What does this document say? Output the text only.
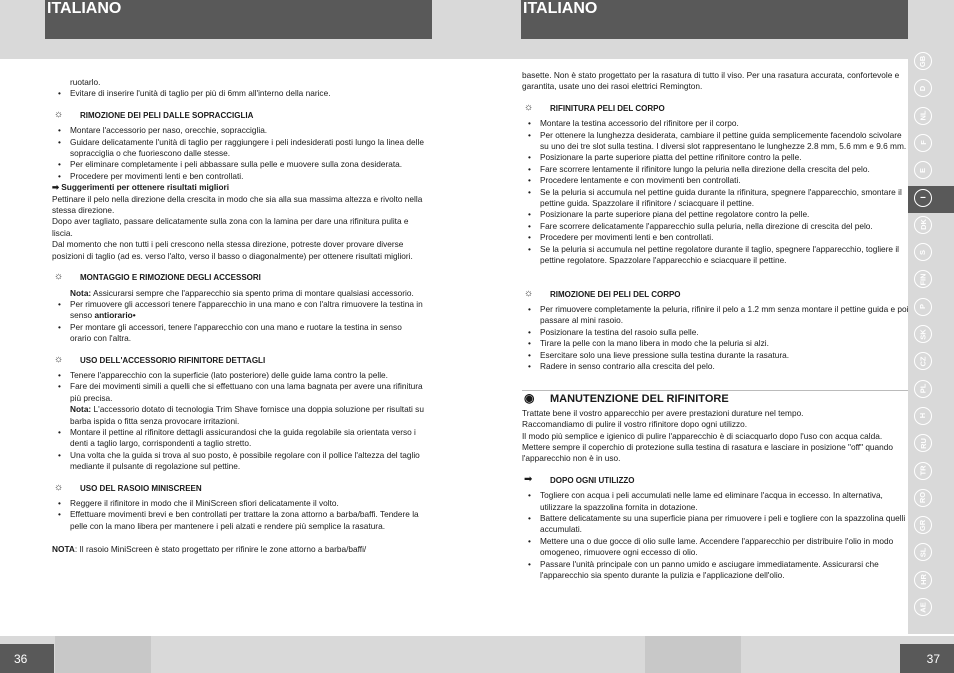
ITALIANO	ITALIANO

ruotarlo.

• Evitare di inserire l'unità di taglio per più di 6mm all'interno della narice.
☼ RIMOZIONE DEI PELI DALLE SOPRACCIGLIA
• Montare l'accessorio per naso, orecchie, sopracciglia.
• Guidare delicatamente l'unità di taglio per raggiungere i peli indesiderati posti lungo la linea delle sopracciglia o che fuoriescono dalle stesse.
• Per eliminare completamente i peli abbassare sulla pelle e muovere sulla zona desiderata.
• Procedere per movimenti lenti e ben controllati.

➡ Suggerimenti per ottenere risultati migliori

Pettinare il pelo nella direzione della crescita in modo che sia alla sua massima altezza e rivolto nella stessa direzione.

Dopo aver tagliato, passare delicatamente sulla zona con la lamina per dare una rifinitura pulita e liscia.

Dal momento che non tutti i peli crescono nella stessa direzione, potreste dover provare diverse posizioni di taglio (ad es. verso l'alto, verso il basso o diagonalmente) per ottenere risultati migliori.

☼ MONTAGGIO E RIMOZIONE DEGLI ACCESSORI

Nota: Assicurarsi sempre che l'apparecchio sia spento prima di montare qualsiasi accessorio.

• Per rimuovere gli accessori tenere l'apparecchio in una mano e con l'altra rimuovere la testina in senso antiorario•
• Per montare gli accessori, tenere l'apparecchio con una mano e ruotare la testina in senso orario con l'altra.
☼ USO DELL'ACCESSORIO RIFINITORE DETTAGLI
• Tenere l'apparecchio con la superficie (lato posteriore) delle guide lama contro la pelle.
• Fare dei movimenti simili a quelli che si effettuano con una lama bagnata per avere una rifinitura più precisa.

Nota: L'accessorio dotato di tecnologia Trim Shave fornisce una doppia soluzione per risultati su barba ispida o fitta senza provocare irritazioni.

• Montare il pettine al rifinitore dettagli assicurandosi che la guida regolabile sia orientata verso i denti a taglio largo, corrispondenti a taglio stretto.
• Una volta che la guida si trova al suo posto, è possibile regolare con il pollice l'altezza del taglio mediante il pulsante di regolazione sul pettine.
☼ USO DEL RASOIO MINISCREEN
• Reggere il rifinitore in modo che il MiniScreen sfiori delicatamente il volto.
• Effettuare movimenti brevi e ben controllati per trattare la zona attorno a barba/baffi. Tendere la pelle con la mano libera per mantenere i peli alzati e rendere più semplice la rasatura.

NOTA: Il rasoio MiniScreen è stato progettato per rifinire le zone attorno a barba/baffi/

basette. Non è stato progettato per la rasatura di tutto il viso. Per una rasatura accurata, confortevole e garantita, usate uno dei rasoi elettrici Remington.

☼ RIFINITURA PELI DEL CORPO
• Montare la testina accessorio del rifinitore per il corpo.
• Per ottenere la lunghezza desiderata, cambiare il pettine guida semplicemente facendolo scivolare su uno dei tre slot sulla testina. I diversi slot rappresentano le lunghezze 2.8 mm, 5.6 mm e 9.6 mm.
• Posizionare la parte superiore piatta del pettine rifinitore contro la pelle.
• Fare scorrere lentamente il rifinitore lungo la peluria nella direzione della crescita del pelo.
• Procedere lentamente e con movimenti ben controllati.
• Se la peluria si accumula nel pettine guida durante la rifinitura, spegnere l'apparecchio, smontare il pettine guida. Spazzolare il rifinitore / sciacquare il pettine.
• Posizionare la parte superiore piana del pettine regolatore contro la pelle.
• Fare scorrere delicatamente l'apparecchio sulla peluria, nella direzione di crescita del pelo.
• Procedere per movimenti lenti e ben controllati.
• Se la peluria si accumula nel pettine regolatore durante il taglio, spegnere l'apparecchio, togliere il pettine regolatore. Spazzolare l'apparecchio e sciacquare il pettine.
☼ RIMOZIONE DEI PELI DEL CORPO
• Per rimuovere completamente la peluria, rifinire il pelo a 1.2 mm senza montare il pettine guida e poi passare al mini rasoio.
• Posizionare la testina del rasoio sulla pelle.
• Tirare la pelle con la mano libera in modo che la peluria si alzi.
• Esercitare solo una lieve pressione sulla testina durante la rasatura.
• Radere in senso contrario alla crescita del pelo.
◉ MANUTENZIONE DEL RIFINITORE

Trattate bene il vostro apparecchio per avere prestazioni durature nel tempo.

Raccomandiamo di pulire il vostro rifinitore dopo ogni utilizzo.

Il modo più semplice e igienico di pulire l'apparecchio è di sciacquarlo dopo l'uso con acqua calda. Mettere sempre il coperchio di protezione sulla testina di rasatura e lasciare in posizione "off" quando l'apparecchio non è in uso.

➡ DOPO OGNI UTILIZZO
• Togliere con acqua i peli accumulati nelle lame ed eliminare l'acqua in eccesso. In alternativa, utilizzare la spazzolina fornita in dotazione.
• Battere delicatamente su una superficie piana per rimuovere i peli e togliere con la spazzolina quelli accumulati.
• Mettere una o due gocce di olio sulle lame. Accendere l'apparecchio per distribuire l'olio in modo omogeneo, rimuovere ogni eccesso di olio.
• Passare l'unità principale con un panno umido e asciugare immediatamente. Assicurarsi che l'apparecchio sia spento durante la pulizia e l'applicazione dell'olio.
GB
D
NL
F
E
I
DK
S
FIN
P
SK
CZ
PL
H
RU
TR
RO
GR
SL
HR
AE
36	37
